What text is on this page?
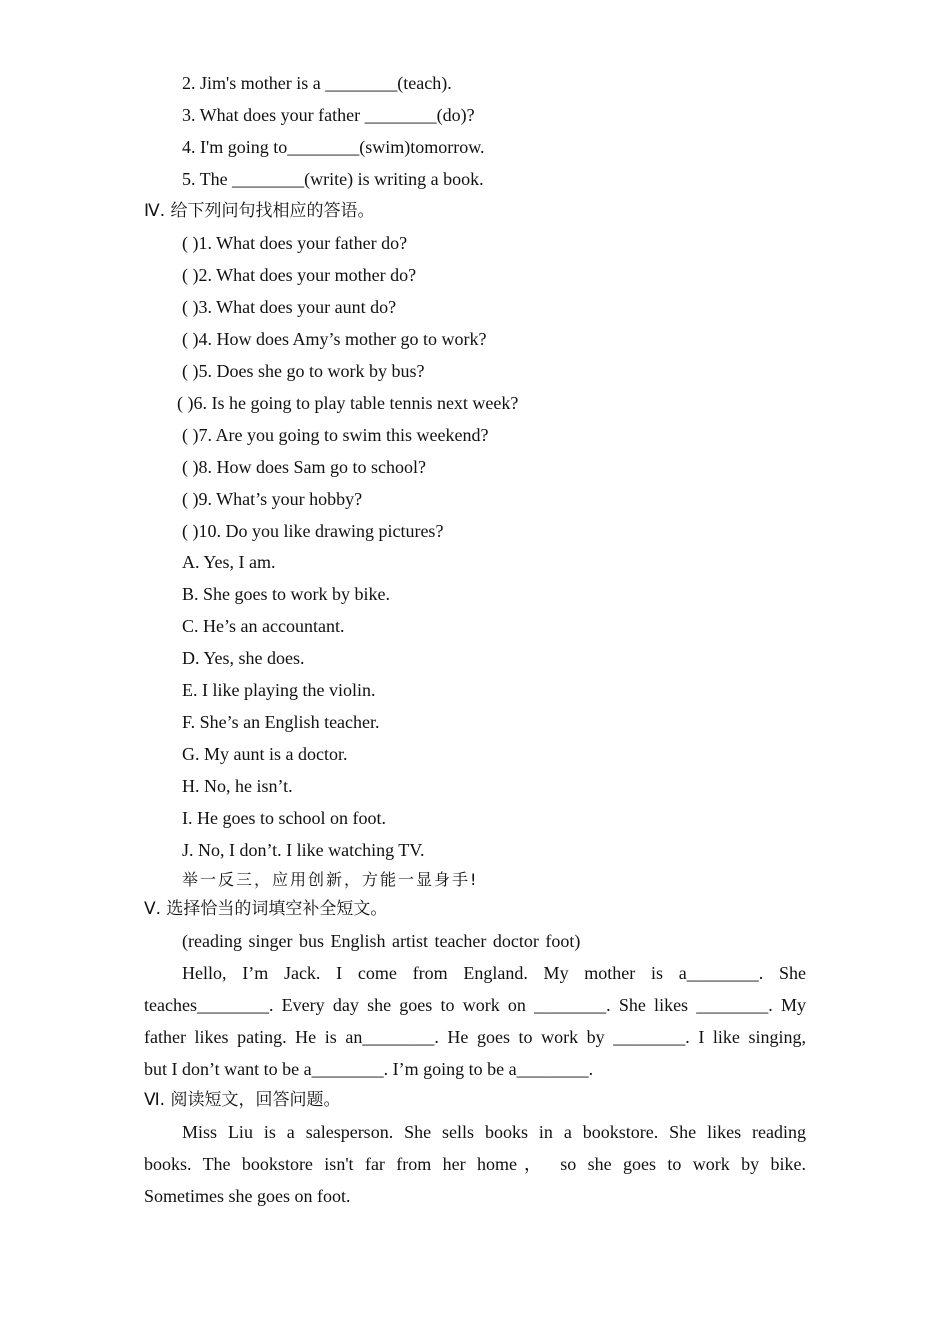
2. Jim's mother is a ________(teach).
3. What does your father ________(do)?
4. I'm going to________(swim)tomorrow.
5. The ________(write) is writing a book.
Ⅳ. 给下列问句找相应的答语。
( )1. What does your father do?
( )2. What does your mother do?
( )3. What does your aunt do?
( )4. How does Amy’s mother go to work?
( )5. Does she go to work by bus?
( )6. Is he going to play table tennis next week?
( )7. Are you going to swim this weekend?
( )8. How does Sam go to school?
( )9. What’s your hobby?
( )10. Do you like drawing pictures?
A. Yes, I am.
B. She goes to work by bike.
C. He’s an accountant.
D. Yes, she does.
E. I like playing the violin.
F. She’s an English teacher.
G. My aunt is a doctor.
H. No, he isn’t.
I. He goes to school on foot.
J. No, I don’t. I like watching TV.
举一反三，应用创新，方能一显身手!
Ⅴ. 选择恰当的词填空补全短文。
(reading singer bus English artist teacher doctor foot)
Hello, I’m Jack. I come from England. My mother is a________. She
teaches________. Every day she goes to work on ________. She likes ________. My
father likes pating. He is an________. He goes to work by ________. I like singing,
but I don’t want to be a________. I’m going to be a________.
Ⅵ. 阅读短文，回答问题。
Miss Liu is a salesperson. She sells books in a bookstore. She likes reading
books. The bookstore isn't far from her home， so she goes to work by bike.
Sometimes she goes on foot.
